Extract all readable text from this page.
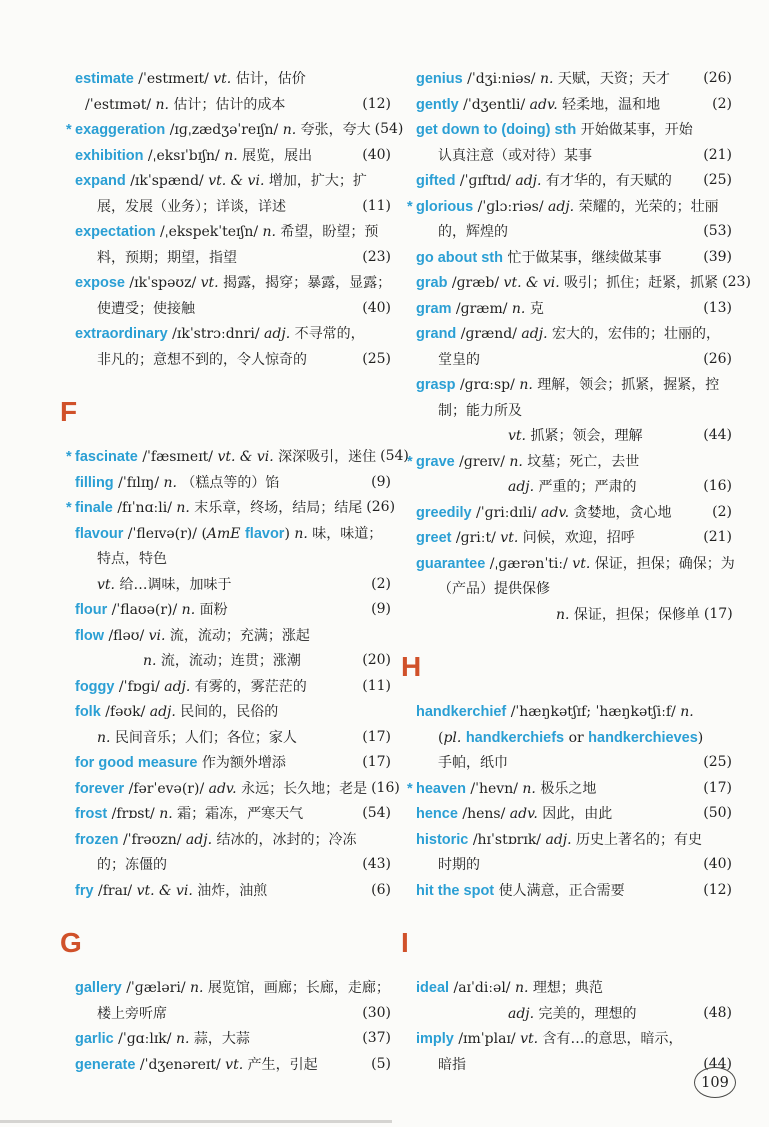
estimate /ˈestɪmeɪt/ vt. 估计，估价
/ˈestɪmət/ n. 估计；估计的成本	(12)
* exaggeration /ɪɡˌzædʒəˈreɪʃn/ n. 夸张，夸大 (54)
exhibition /ˌeksɪˈbɪʃn/ n. 展览，展出	(40)
expand /ɪkˈspænd/ vt. & vi. 增加，扩大；扩
展，发展（业务）；详谈，详述	(11)
expectation /ˌekspekˈteɪʃn/ n. 希望，盼望；预
料，预期；期望，指望	(23)
expose /ɪkˈspəʊz/ vt. 揭露，揭穿；暴露，显露；
使遭受；使接触	(40)
extraordinary /ɪkˈstrɔːdnri/ adj. 不寻常的，
非凡的；意想不到的，令人惊奇的	(25)
F
* fascinate /ˈfæsɪneɪt/ vt. & vi. 深深吸引，迷住 (54)
filling /ˈfɪlɪŋ/ n. （糕点等的）馅	(9)
* finale /fɪˈnɑːli/ n. 末乐章，终场，结局；结尾 (26)
flavour /ˈfleɪvə(r)/ (AmE flavor) n. 味，味道；
特点，特色
vt. 给…调味，加味于	(2)
flour /ˈflaʊə(r)/ n. 面粉	(9)
flow /fləʊ/ vi. 流，流动；充满；涨起
n. 流，流动；连贯；涨潮	(20)
foggy /ˈfɒɡi/ adj. 有雾的，雾茫茫的	(11)
folk /fəʊk/ adj. 民间的，民俗的
n. 民间音乐；人们；各位；家人	(17)
for good measure 作为额外增添	(17)
forever /fərˈevə(r)/ adv. 永远；长久地；老是 (16)
frost /frɒst/ n. 霜；霜冻，严寒天气	(54)
frozen /ˈfrəʊzn/ adj. 结冰的，冰封的；冷冻
的；冻僵的	(43)
fry /fraɪ/ vt. & vi. 油炸，油煎	(6)
G
gallery /ˈɡæləri/ n. 展览馆，画廊；长廊，走廊；
楼上旁听席	(30)
garlic /ˈɡɑːlɪk/ n. 蒜，大蒜	(37)
generate /ˈdʒenəreɪt/ vt. 产生，引起	(5)
genius /ˈdʒiːniəs/ n. 天赋，天资；天才 (26)
gently /ˈdʒentli/ adv. 轻柔地，温和地	(2)
get down to (doing) sth 开始做某事，开始
认真注意（或对待）某事	(21)
gifted /ˈɡɪftɪd/ adj. 有才华的，有天赋的 (25)
* glorious /ˈɡlɔːriəs/ adj. 荣耀的，光荣的；壮丽
的，辉煌的	(53)
go about sth 忙于做某事，继续做某事	(39)
grab /ɡræb/ vt. & vi. 吸引；抓住；赶紧，抓紧 (23)
gram /ɡræm/ n. 克	(13)
grand /ɡrænd/ adj. 宏大的，宏伟的；壮丽的，
堂皇的	(26)
grasp /ɡrɑːsp/ n. 理解，领会；抓紧，握紧，控
制；能力所及
vt. 抓紧；领会，理解	(44)
* grave /ɡreɪv/ n. 坟墓；死亡，去世
adj. 严重的；严肃的	(16)
greedily /ˈɡriːdɪli/ adv. 贪婪地，贪心地	(2)
greet /ɡriːt/ vt. 问候，欢迎，招呼	(21)
guarantee /ˌɡærənˈtiː/ vt. 保证，担保；确保；为
（产品）提供保修
n. 保证，担保；保修单 (17)
H
handkerchief /ˈhæŋkətʃɪf; ˈhæŋkətʃiːf/ n.
(pl. handkerchiefs or handkerchieves)
手帕，纸巾	(25)
* heaven /ˈhevn/ n. 极乐之地	(17)
hence /hens/ adv. 因此，由此	(50)
historic /hɪˈstɒrɪk/ adj. 历史上著名的；有史
时期的	(40)
hit the spot 使人满意，正合需要	(12)
I
ideal /aɪˈdiːəl/ n. 理想；典范
adj. 完美的，理想的	(48)
imply /ɪmˈplaɪ/ vt. 含有…的意思，暗示，
暗指	(44)
109
